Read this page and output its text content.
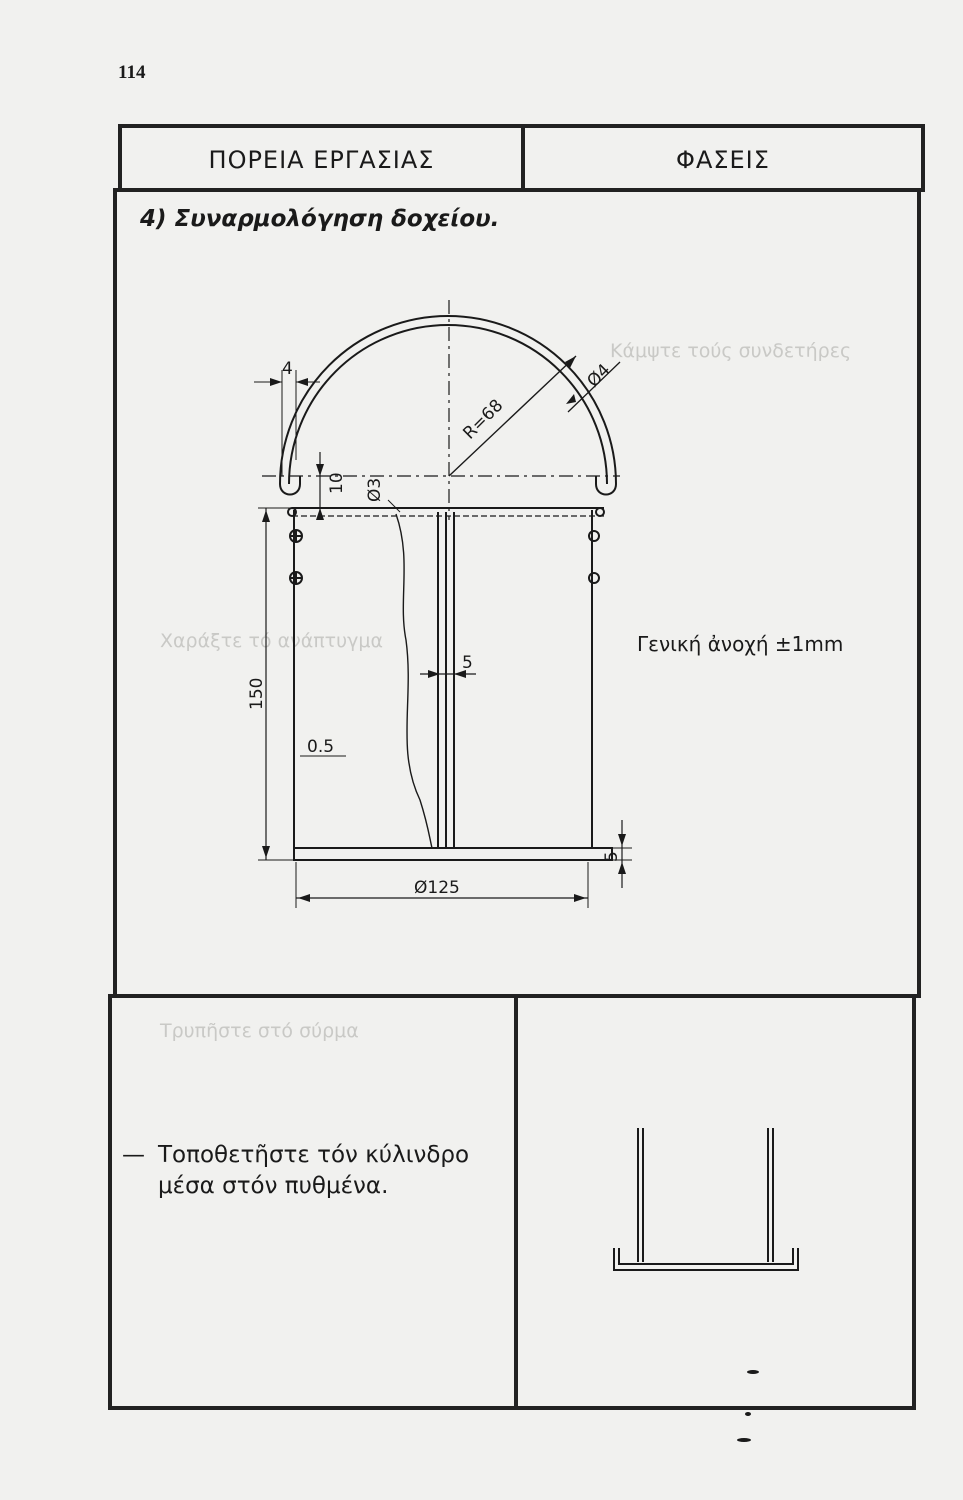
114
Κάμψτε τούς συνδετήρες
Χαράξτε τό ανάπτυγμα
Τρυπῆστε στό σύρμα
ΠΟΡΕΙΑ ΕΡΓΑΣΙΑΣ	ΦΑΣΕΙΣ
4) Συναρμολόγηση δοχείου.
R=68
Ø4
Ø3
4
10
150
0.5
5
5
Ø125
Γενική ἀνοχή ±1mm
— Τοποθετῆστε τόν κύλινδρο
μέσα στόν πυθμένα.
